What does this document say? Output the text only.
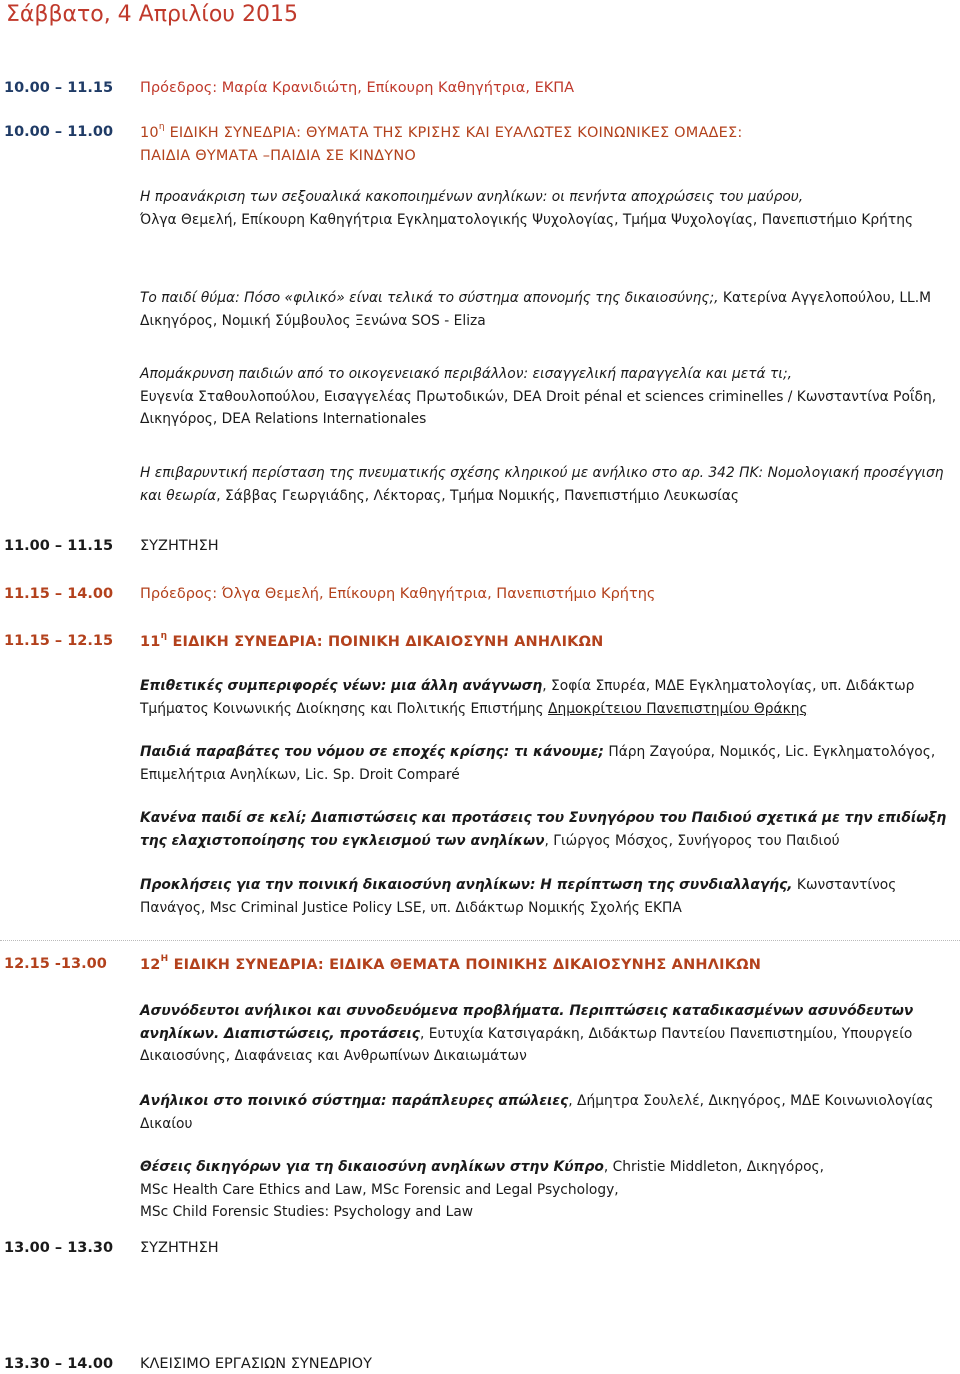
Σάββατο, 4 Απριλίου 2015
10.00 – 11.15 Πρόεδρος: Μαρία Κρανιδιώτη, Επίκουρη Καθηγήτρια, ΕΚΠΑ
10.00 – 11.00 $10^\eta$ ΕΙΔΙΚΗ ΣΥΝΕΔΡΙΑ: ΘΥΜΑΤΑ ΤΗΣ ΚΡΙΣΗΣ ΚΑΙ ΕΥΑΛΩΤΕΣ ΚΟΙΝΩΝΙΚΕΣ ΟΜΑΔΕΣ:
ΠΑΙΔΙΑ ΘΥΜΑΤΑ –ΠΑΙΔΙΑ ΣΕ ΚΙΝΔΥΝΟ
Η προανάκριση των σεξουαλικά κακοποιημένων ανηλίκων: οι πενήντα αποχρώσεις του μαύρου,
Όλγα Θεμελή, Επίκουρη Καθηγήτρια Εγκληματολογικής Ψυχολογίας, Τμήμα Ψυχολογίας, Πανεπιστήμιο Κρήτης
Το παιδί θύμα: Πόσο «φιλικό» είναι τελικά το σύστημα απονομής της δικαιοσύνης;, Κατερίνα Αγγελοπούλου, LL.M Δικηγόρος, Νομική Σύμβουλος Ξενώνα SOS - Eliza
Απομάκρυνση παιδιών από το οικογενειακό περιβάλλον: εισαγγελική παραγγελία και μετά τι;,
Ευγενία Σταθουλοπούλου, Εισαγγελέας Πρωτοδικών, DEA Droit pénal et sciences criminelles / Κωνσταντίνα Ροΐδη, Δικηγόρος, DEA Relations Internationales
Η επιβαρυντική περίσταση της πνευματικής σχέσης κληρικού με ανήλικο στο αρ. 342 ΠΚ: Νομολογιακή προσέγγιση και θεωρία, Σάββας Γεωργιάδης, Λέκτορας, Τμήμα Νομικής, Πανεπιστήμιο Λευκωσίας
11.00 – 11.15 ΣΥΖΗΤΗΣΗ
11.15 – 14.00 Πρόεδρος: Όλγα Θεμελή, Επίκουρη Καθηγήτρια, Πανεπιστήμιο Κρήτης
11.15 – 12.15 $11^\eta$ ΕΙΔΙΚΗ ΣΥΝΕΔΡΙΑ: ΠΟΙΝΙΚΗ ΔΙΚΑΙΟΣΥΝΗ ΑΝΗΛΙΚΩΝ
Επιθετικές συμπεριφορές νέων: μια άλλη ανάγνωση, Σοφία Σπυρέα, ΜΔΕ Εγκληματολογίας, υπ. Διδάκτωρ Τμήματος Κοινωνικής Διοίκησης και Πολιτικής Επιστήμης Δημοκρίτειου Πανεπιστημίου Θράκης
Παιδιά παραβάτες του νόμου σε εποχές κρίσης: τι κάνουμε; Πάρη Ζαγούρα, Νομικός, Lic. Εγκληματολόγος, Επιμελήτρια Ανηλίκων, Lic. Sp. Droit Comparé
Κανένα παιδί σε κελί; Διαπιστώσεις και προτάσεις του Συνηγόρου του Παιδιού σχετικά με την επιδίωξη της ελαχιστοποίησης του εγκλεισμού των ανηλίκων, Γιώργος Μόσχος, Συνήγορος του Παιδιού
Προκλήσεις για την ποινική δικαιοσύνη ανηλίκων: Η περίπτωση της συνδιαλλαγής, Κωνσταντίνος Πανάγος, Msc Criminal Justice Policy LSE, υπ. Διδάκτωρ Νομικής Σχολής ΕΚΠΑ
12.15 -13.00 $12^H$ ΕΙΔΙΚΗ ΣΥΝΕΔΡΙΑ: ΕΙΔΙΚΑ ΘΕΜΑΤΑ ΠΟΙΝΙΚΗΣ ΔΙΚΑΙΟΣΥΝΗΣ ΑΝΗΛΙΚΩΝ
Ασυνόδευτοι ανήλικοι και συνοδευόμενα προβλήματα. Περιπτώσεις καταδικασμένων ασυνόδευτων ανηλίκων. Διαπιστώσεις, προτάσεις, Ευτυχία Κατσιγαράκη, Διδάκτωρ Παντείου Πανεπιστημίου, Υπουργείο Δικαιοσύνης, Διαφάνειας και Ανθρωπίνων Δικαιωμάτων
Ανήλικοι στο ποινικό σύστημα: παράπλευρες απώλειες, Δήμητρα Σουλελέ, Δικηγόρος, ΜΔΕ Κοινωνιολογίας Δικαίου
Θέσεις δικηγόρων για τη δικαιοσύνη ανηλίκων στην Κύπρο, Christie Middleton, Δικηγόρος,
MSc Health Care Ethics and Law, MSc Forensic and Legal Psychology,
MSc Child Forensic Studies: Psychology and Law
13.00 – 13.30 ΣΥΖΗΤΗΣΗ
13.30 – 14.00 ΚΛΕΙΣΙΜΟ ΕΡΓΑΣΙΩΝ ΣΥΝΕΔΡΙΟΥ
